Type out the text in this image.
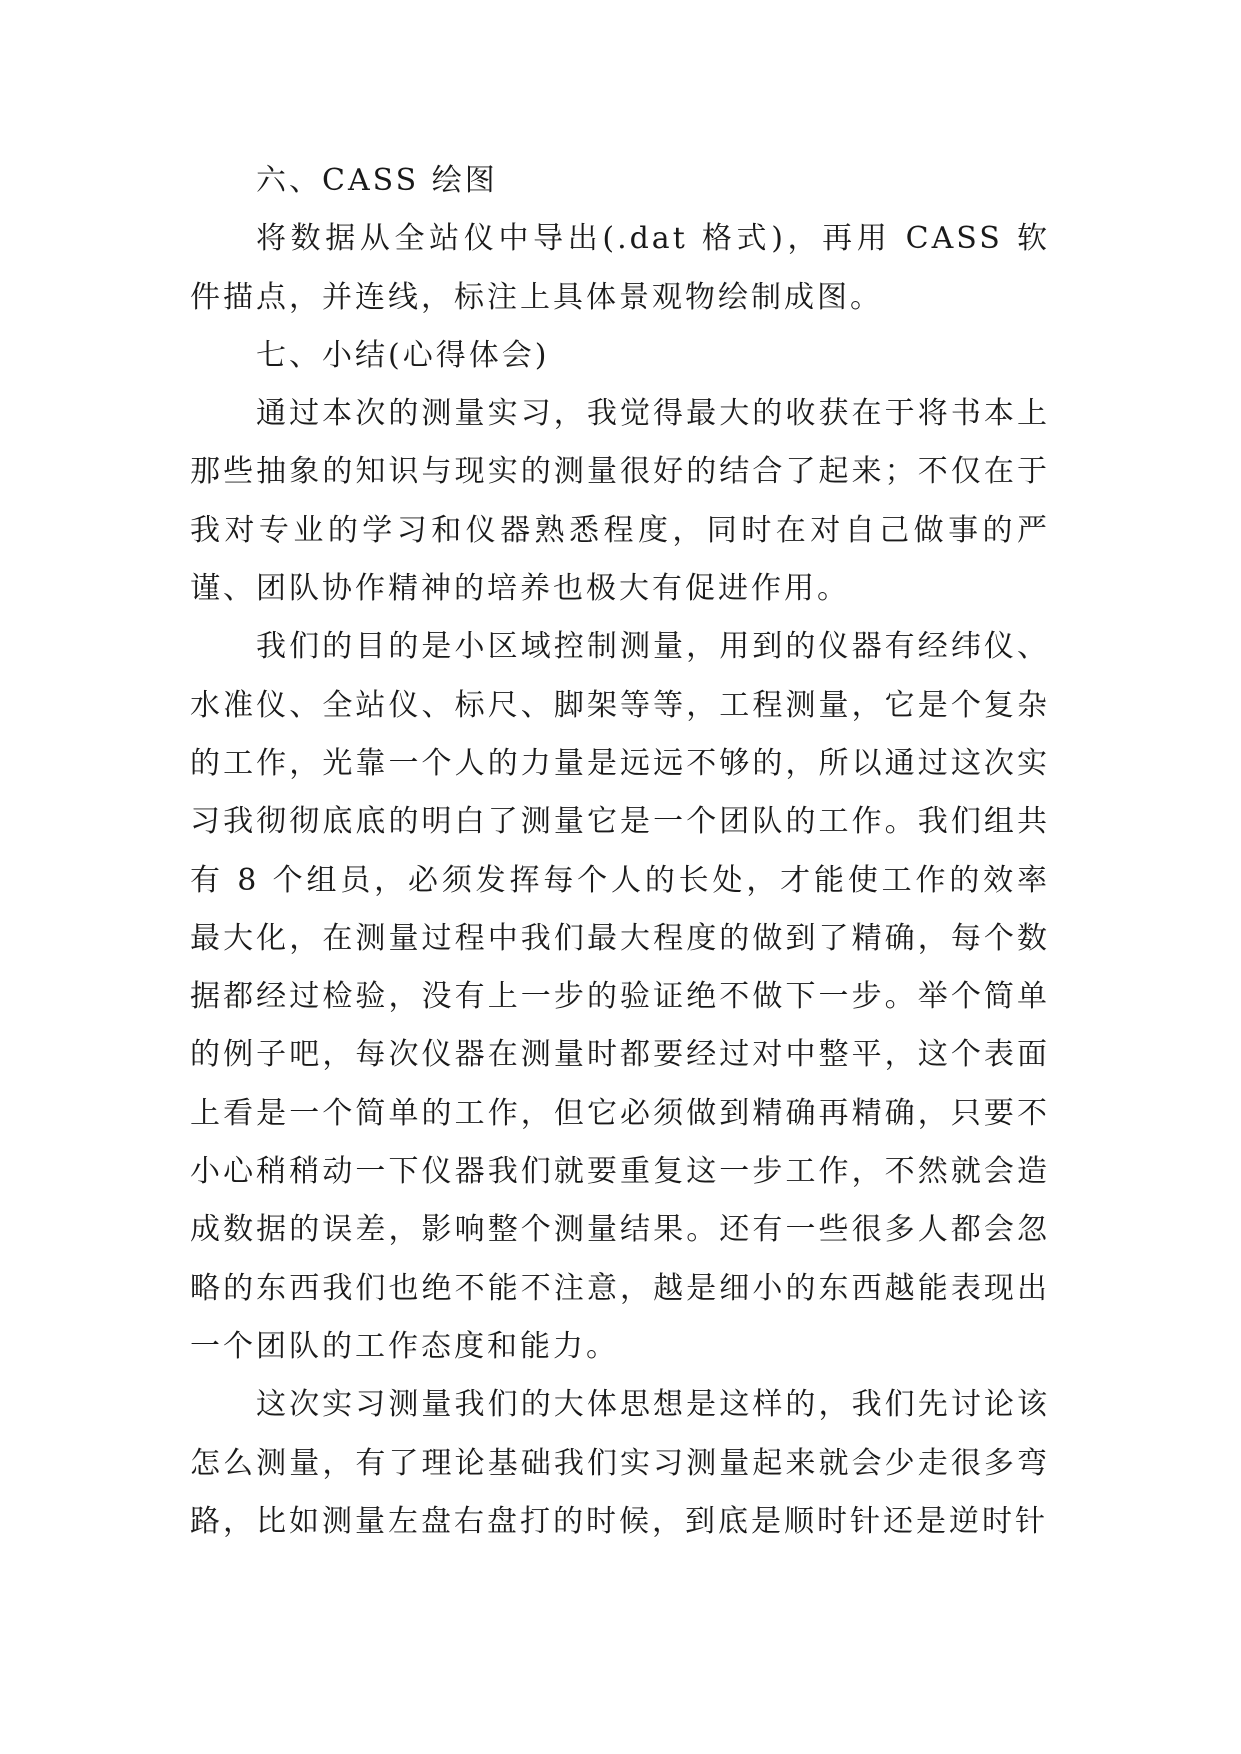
六、CASS 绘图

将数据从全站仪中导出(.dat 格式)，再用 CASS 软件描点，并连线，标注上具体景观物绘制成图。

七、小结(心得体会)

通过本次的测量实习，我觉得最大的收获在于将书本上那些抽象的知识与现实的测量很好的结合了起来；不仅在于我对专业的学习和仪器熟悉程度，同时在对自己做事的严谨、团队协作精神的培养也极大有促进作用。

我们的目的是小区域控制测量，用到的仪器有经纬仪、水准仪、全站仪、标尺、脚架等等，工程测量，它是个复杂的工作，光靠一个人的力量是远远不够的，所以通过这次实习我彻彻底底的明白了测量它是一个团队的工作。我们组共有 8 个组员，必须发挥每个人的长处，才能使工作的效率最大化，在测量过程中我们最大程度的做到了精确，每个数据都经过检验，没有上一步的验证绝不做下一步。举个简单的例子吧，每次仪器在测量时都要经过对中整平，这个表面上看是一个简单的工作，但它必须做到精确再精确，只要不小心稍稍动一下仪器我们就要重复这一步工作，不然就会造成数据的误差，影响整个测量结果。还有一些很多人都会忽略的东西我们也绝不能不注意，越是细小的东西越能表现出一个团队的工作态度和能力。

这次实习测量我们的大体思想是这样的，我们先讨论该怎么测量，有了理论基础我们实习测量起来就会少走很多弯路，比如测量左盘右盘打的时候，到底是顺时针还是逆时针
